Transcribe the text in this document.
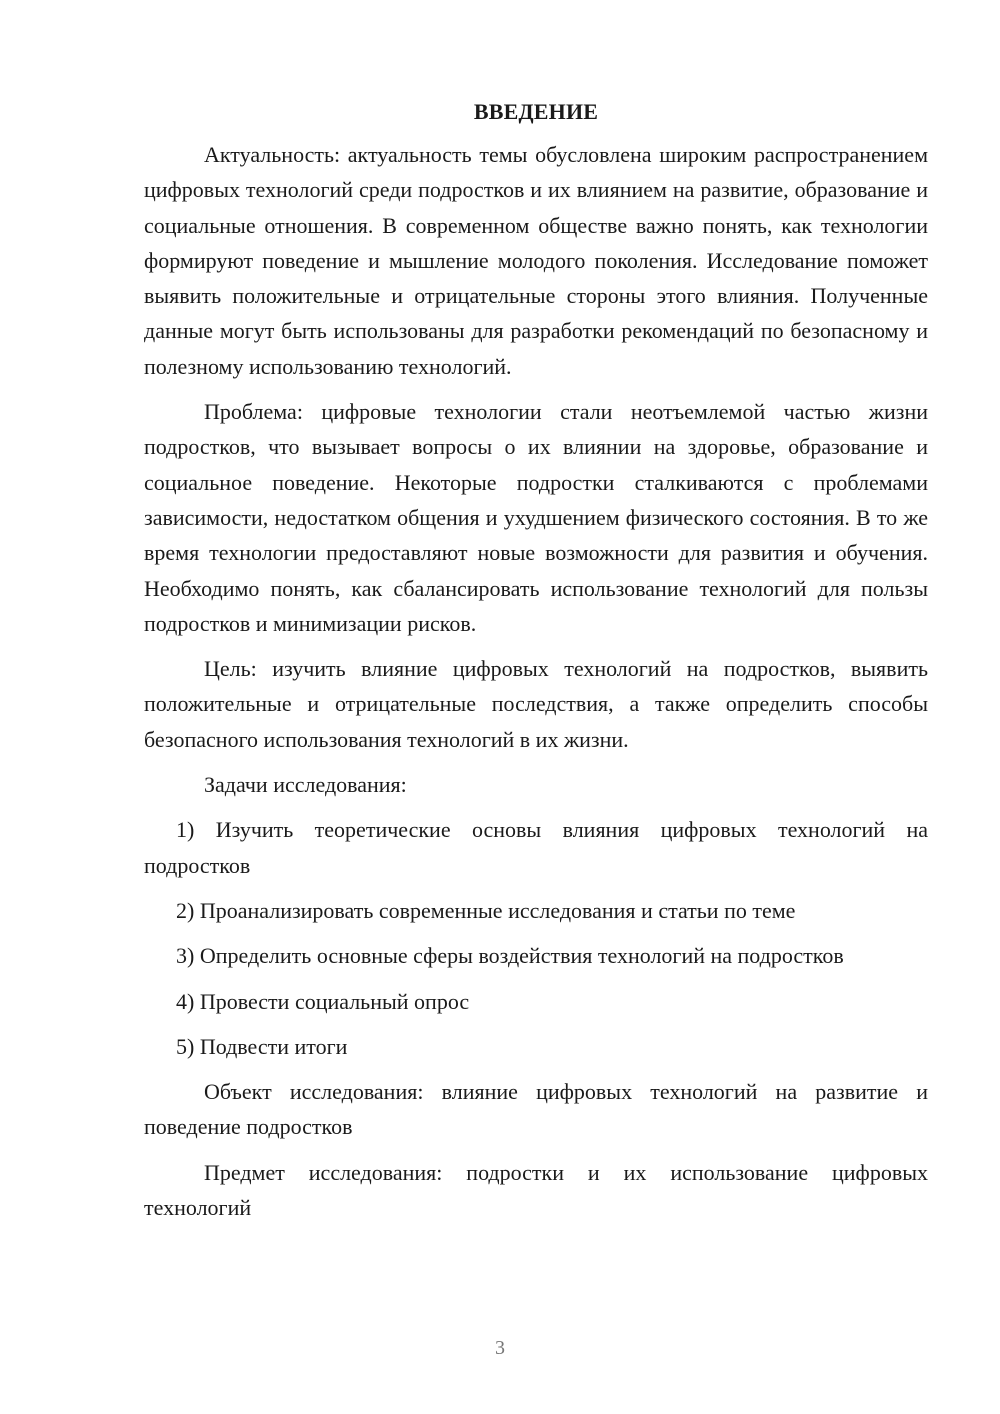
ВВЕДЕНИЕ

Актуальность: актуальность темы обусловлена широким распространением цифровых технологий среди подростков и их влиянием на развитие, образование и социальные отношения. В современном обществе важно понять, как технологии формируют поведение и мышление молодого поколения. Исследование поможет выявить положительные и отрицательные стороны этого влияния. Полученные данные могут быть использованы для разработки рекомендаций по безопасному и полезному использованию технологий.

Проблема: цифровые технологии стали неотъемлемой частью жизни подростков, что вызывает вопросы о их влиянии на здоровье, образование и социальное поведение. Некоторые подростки сталкиваются с проблемами зависимости, недостатком общения и ухудшением физического состояния. В то же время технологии предоставляют новые возможности для развития и обучения. Необходимо понять, как сбалансировать использование технологий для пользы подростков и минимизации рисков.

Цель: изучить влияние цифровых технологий на подростков, выявить положительные и отрицательные последствия, а также определить способы безопасного использования технологий в их жизни.

Задачи исследования:

1) Изучить теоретические основы влияния цифровых технологий на подростков

2) Проанализировать современные исследования и статьи по теме

3) Определить основные сферы воздействия технологий на подростков

4) Провести социальный опрос

5) Подвести итоги

Объект исследования: влияние цифровых технологий на развитие и поведение подростков

Предмет исследования: подростки и их использование цифровых технологий

3
